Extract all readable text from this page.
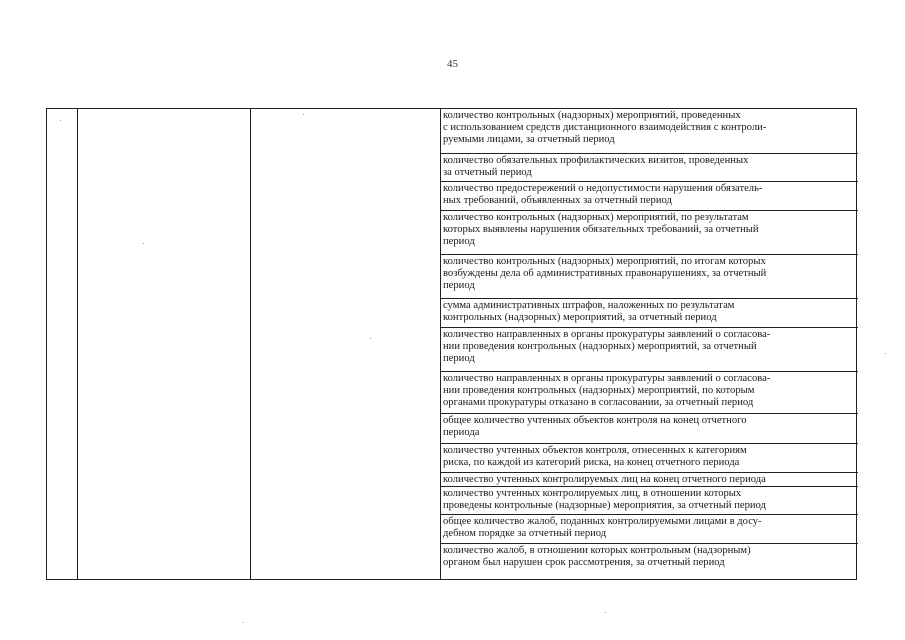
45
количество контрольных (надзорных) мероприятий, проведенных
с использованием средств дистанционного взаимодействия с контроли-
руемыми лицами, за отчетный период
количество обязательных профилактических визитов, проведенных
за отчетный период
количество предостережений о недопустимости нарушения обязатель-
ных требований, объявленных за отчетный период
количество контрольных (надзорных) мероприятий, по результатам
которых выявлены нарушения обязательных требований, за отчетный
период
количество контрольных (надзорных) мероприятий, по итогам которых
возбуждены дела об административных правонарушениях, за отчетный
период
сумма административных штрафов, наложенных по результатам
контрольных (надзорных) мероприятий, за отчетный период
количество направленных в органы прокуратуры заявлений о согласова-
нии проведения контрольных (надзорных) мероприятий, за отчетный
период
количество направленных в органы прокуратуры заявлений о согласова-
нии проведения контрольных (надзорных) мероприятий, по которым
органами прокуратуры отказано в согласовании, за отчетный период
общее количество учтенных объектов контроля на конец отчетного
периода
количество учтенных объектов контроля, отнесенных к категориям
риска, по каждой из категорий риска, на конец отчетного периода
количество учтенных контролируемых лиц на конец отчетного периода
количество учтенных контролируемых лиц, в отношении которых
проведены контрольные (надзорные) мероприятия, за отчетный период
общее количество жалоб, поданных контролируемыми лицами в досу-
дебном порядке за отчетный период
количество жалоб, в отношении которых контрольным (надзорным)
органом был нарушен срок рассмотрения, за отчетный период
